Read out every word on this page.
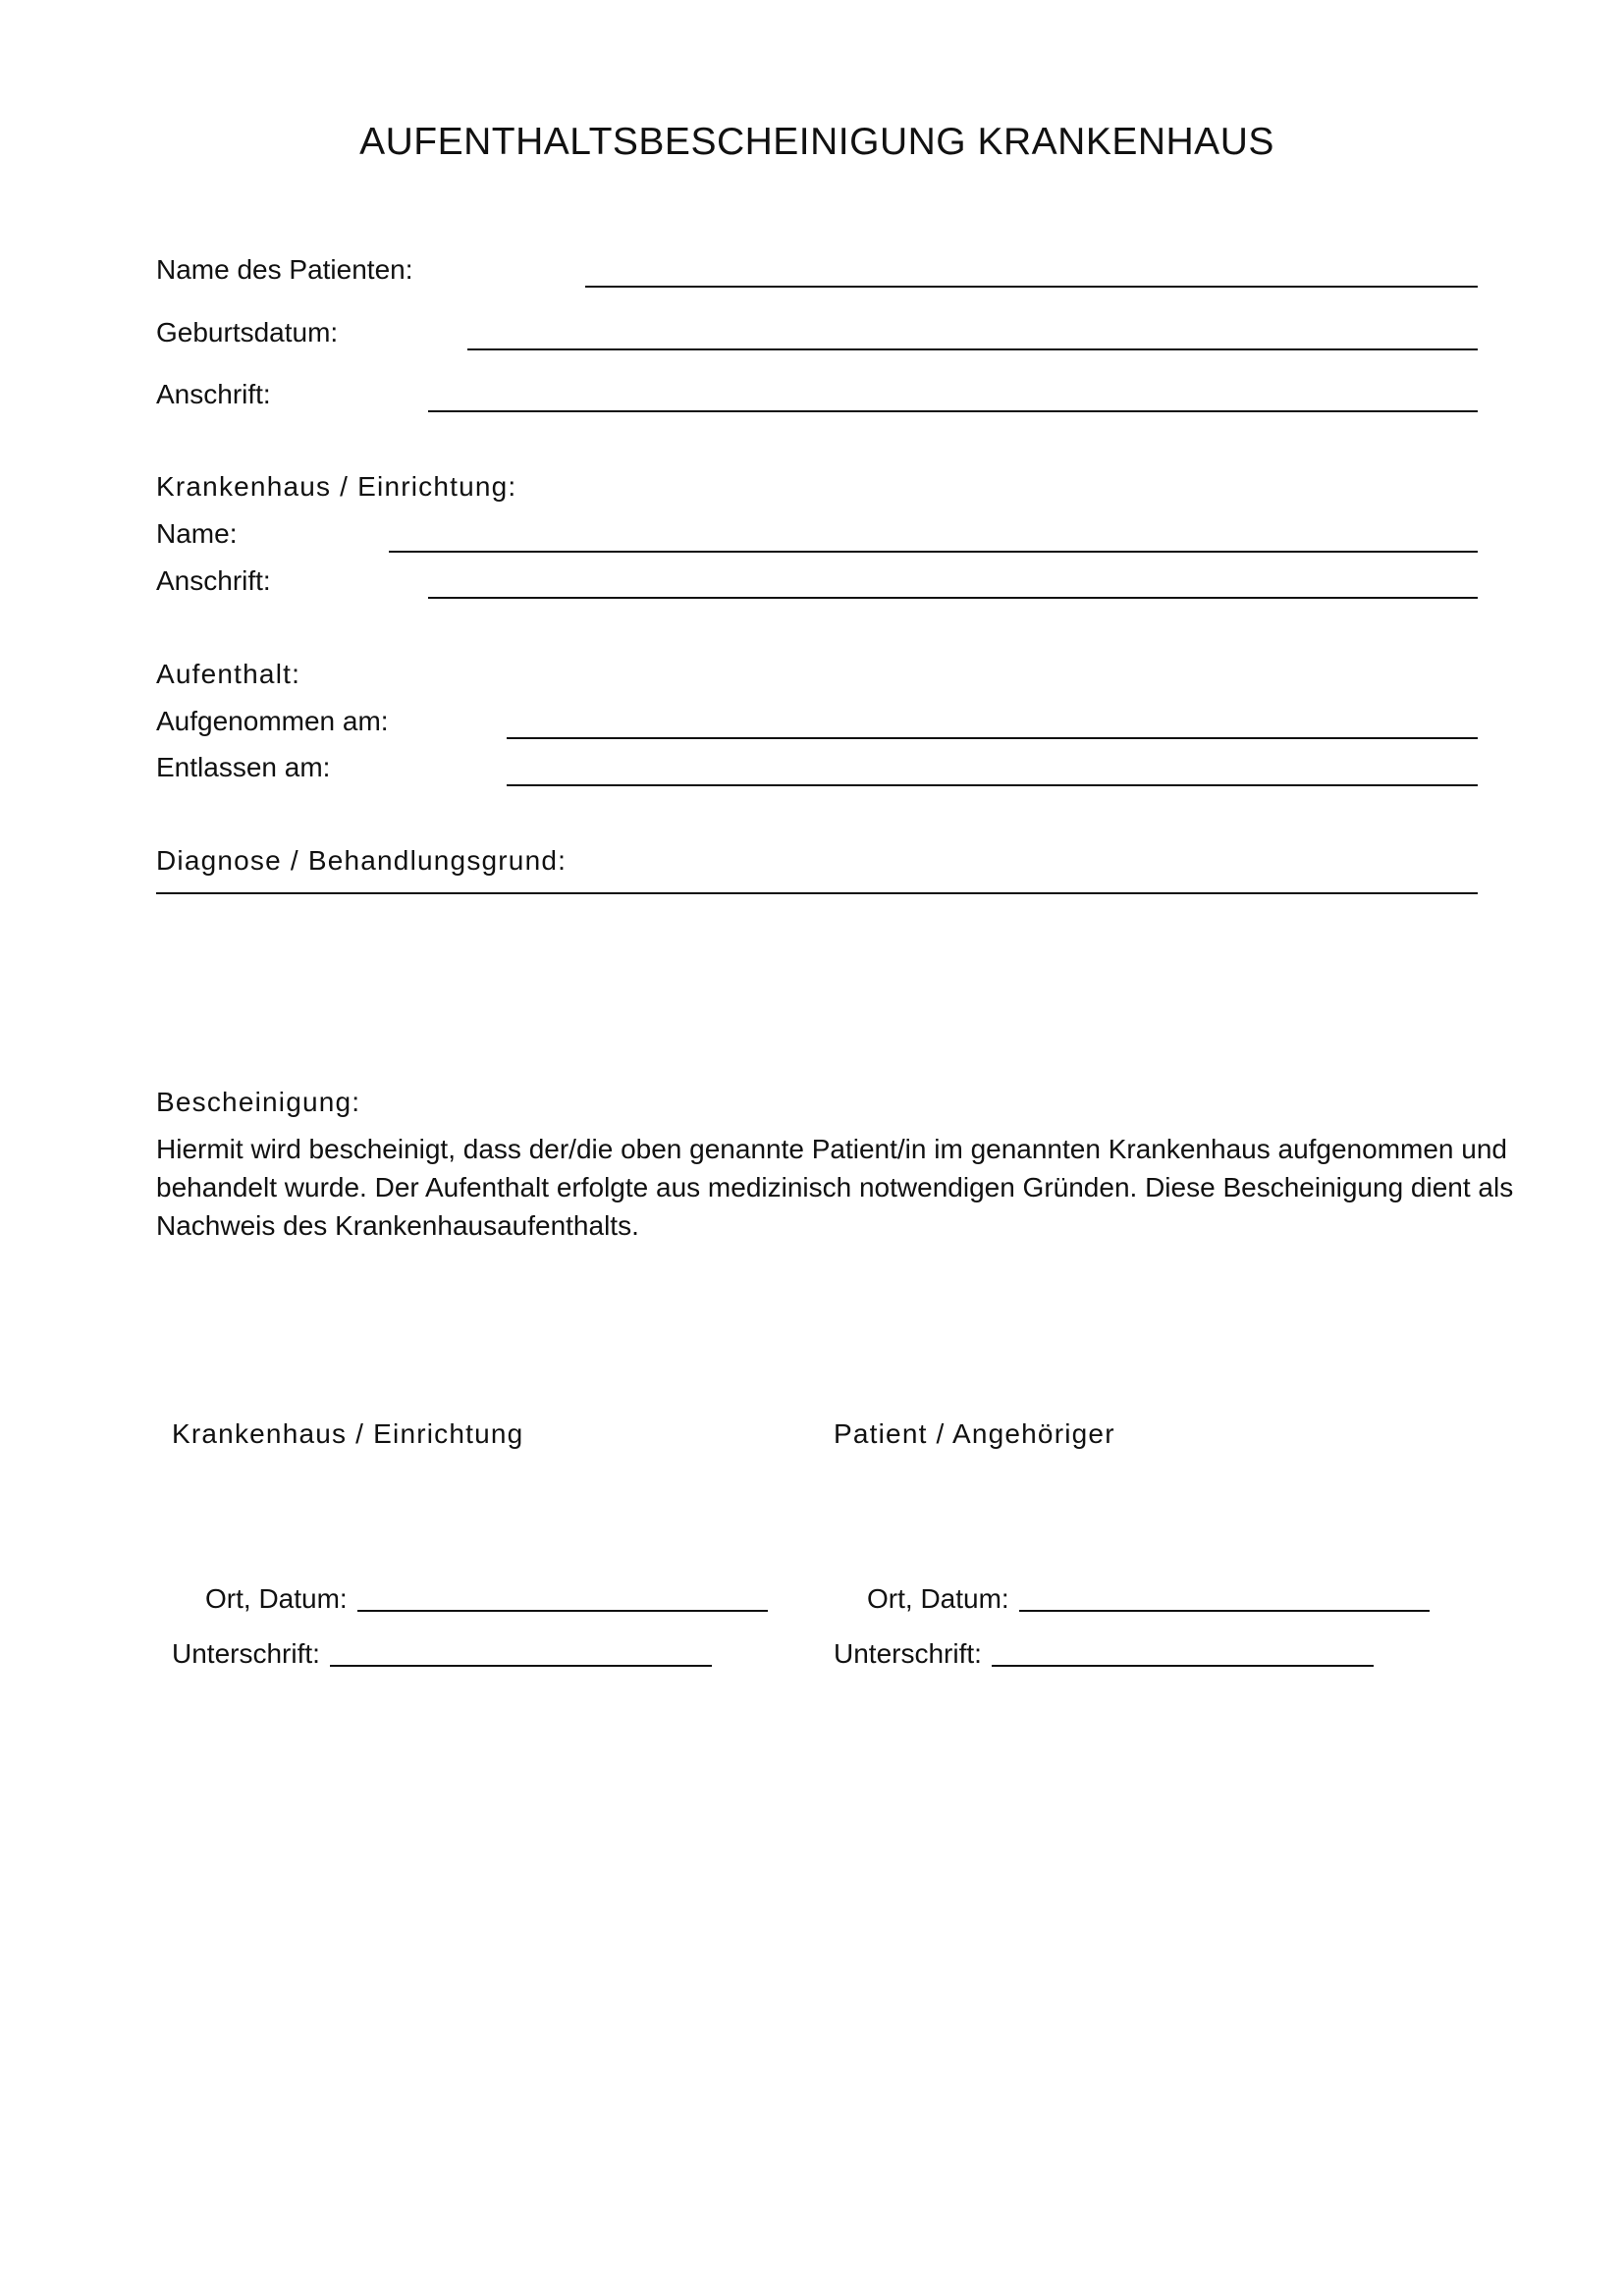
AUFENTHALTSBESCHEINIGUNG KRANKENHAUS
Name des Patienten:
Geburtsdatum:
Anschrift:
Krankenhaus / Einrichtung:
Name:
Anschrift:
Aufenthalt:
Aufgenommen am:
Entlassen am:
Diagnose / Behandlungsgrund:
Bescheinigung:
Hiermit wird bescheinigt, dass der/die oben genannte Patient/in im genannten Krankenhaus aufgenommen und behandelt wurde. Der Aufenthalt erfolgte aus medizinisch notwendigen Gründen. Diese Bescheinigung dient als Nachweis des Krankenhausaufenthalts.
Krankenhaus / Einrichtung
Ort, Datum:
Unterschrift:
Patient / Angehöriger
Ort, Datum:
Unterschrift:
